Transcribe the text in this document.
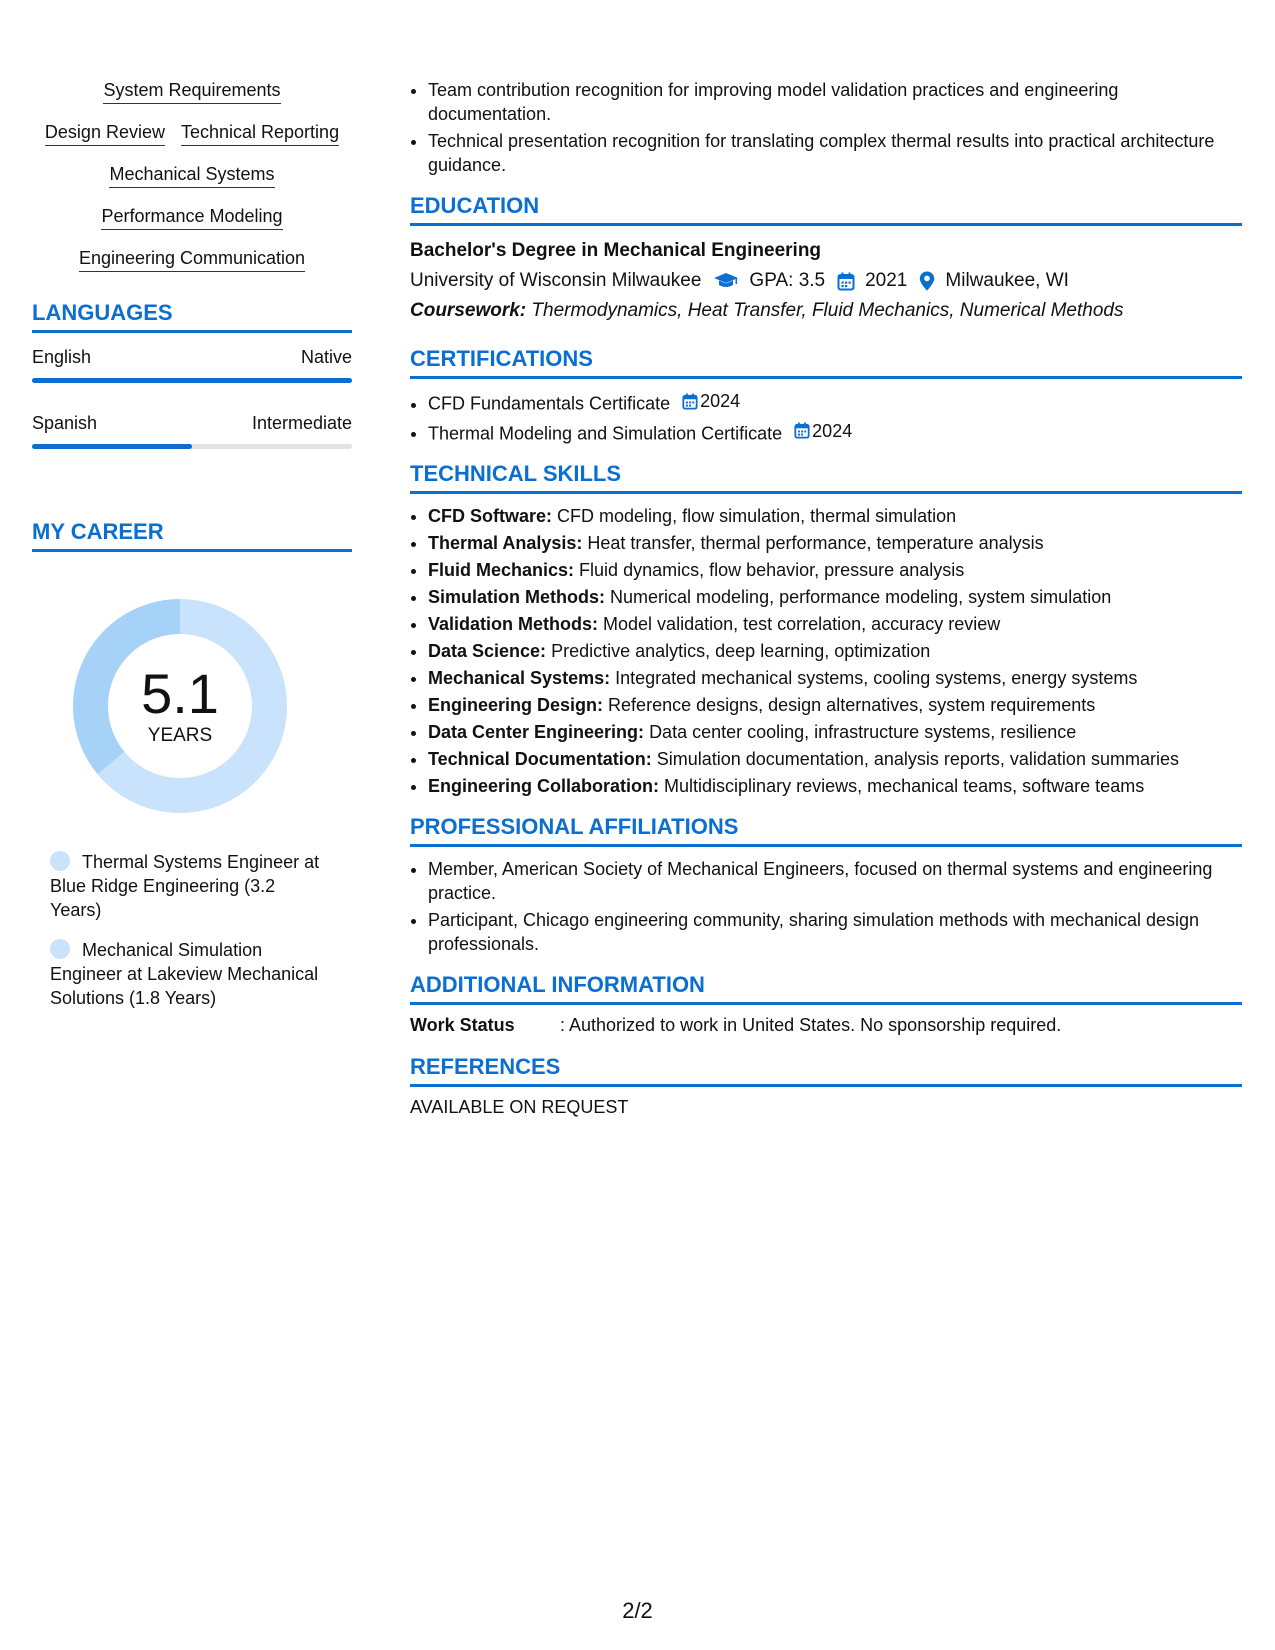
System Requirements
Design Review Technical Reporting
Mechanical Systems
Performance Modeling
Engineering Communication
LANGUAGES
English	Native
Spanish	Intermediate
MY CAREER
5.1
YEARS
Thermal Systems Engineer at Blue Ridge Engineering (3.2 Years)
Mechanical Simulation Engineer at Lakeview Mechanical Solutions (1.8 Years)
• Team contribution recognition for improving model validation practices and engineering documentation.
• Technical presentation recognition for translating complex thermal results into practical architecture guidance.
EDUCATION
Bachelor's Degree in Mechanical Engineering
University of Wisconsin Milwaukee	GPA: 3.5 2021 Milwaukee, WI
Coursework: Thermodynamics, Heat Transfer, Fluid Mechanics, Numerical Methods
CERTIFICATIONS
• CFD Fundamentals Certificate 2024
• Thermal Modeling and Simulation Certificate 2024
TECHNICAL SKILLS
• CFD Software: CFD modeling, flow simulation, thermal simulation
• Thermal Analysis: Heat transfer, thermal performance, temperature analysis
• Fluid Mechanics: Fluid dynamics, flow behavior, pressure analysis
• Simulation Methods: Numerical modeling, performance modeling, system simulation
• Validation Methods: Model validation, test correlation, accuracy review
• Data Science: Predictive analytics, deep learning, optimization
• Mechanical Systems: Integrated mechanical systems, cooling systems, energy systems
• Engineering Design: Reference designs, design alternatives, system requirements
• Data Center Engineering: Data center cooling, infrastructure systems, resilience
• Technical Documentation: Simulation documentation, analysis reports, validation summaries
• Engineering Collaboration: Multidisciplinary reviews, mechanical teams, software teams
PROFESSIONAL AFFILIATIONS
• Member, American Society of Mechanical Engineers, focused on thermal systems and engineering practice.
• Participant, Chicago engineering community, sharing simulation methods with mechanical design professionals.
ADDITIONAL INFORMATION
Work Status	: Authorized to work in United States. No sponsorship required.
REFERENCES
AVAILABLE ON REQUEST
2/2
